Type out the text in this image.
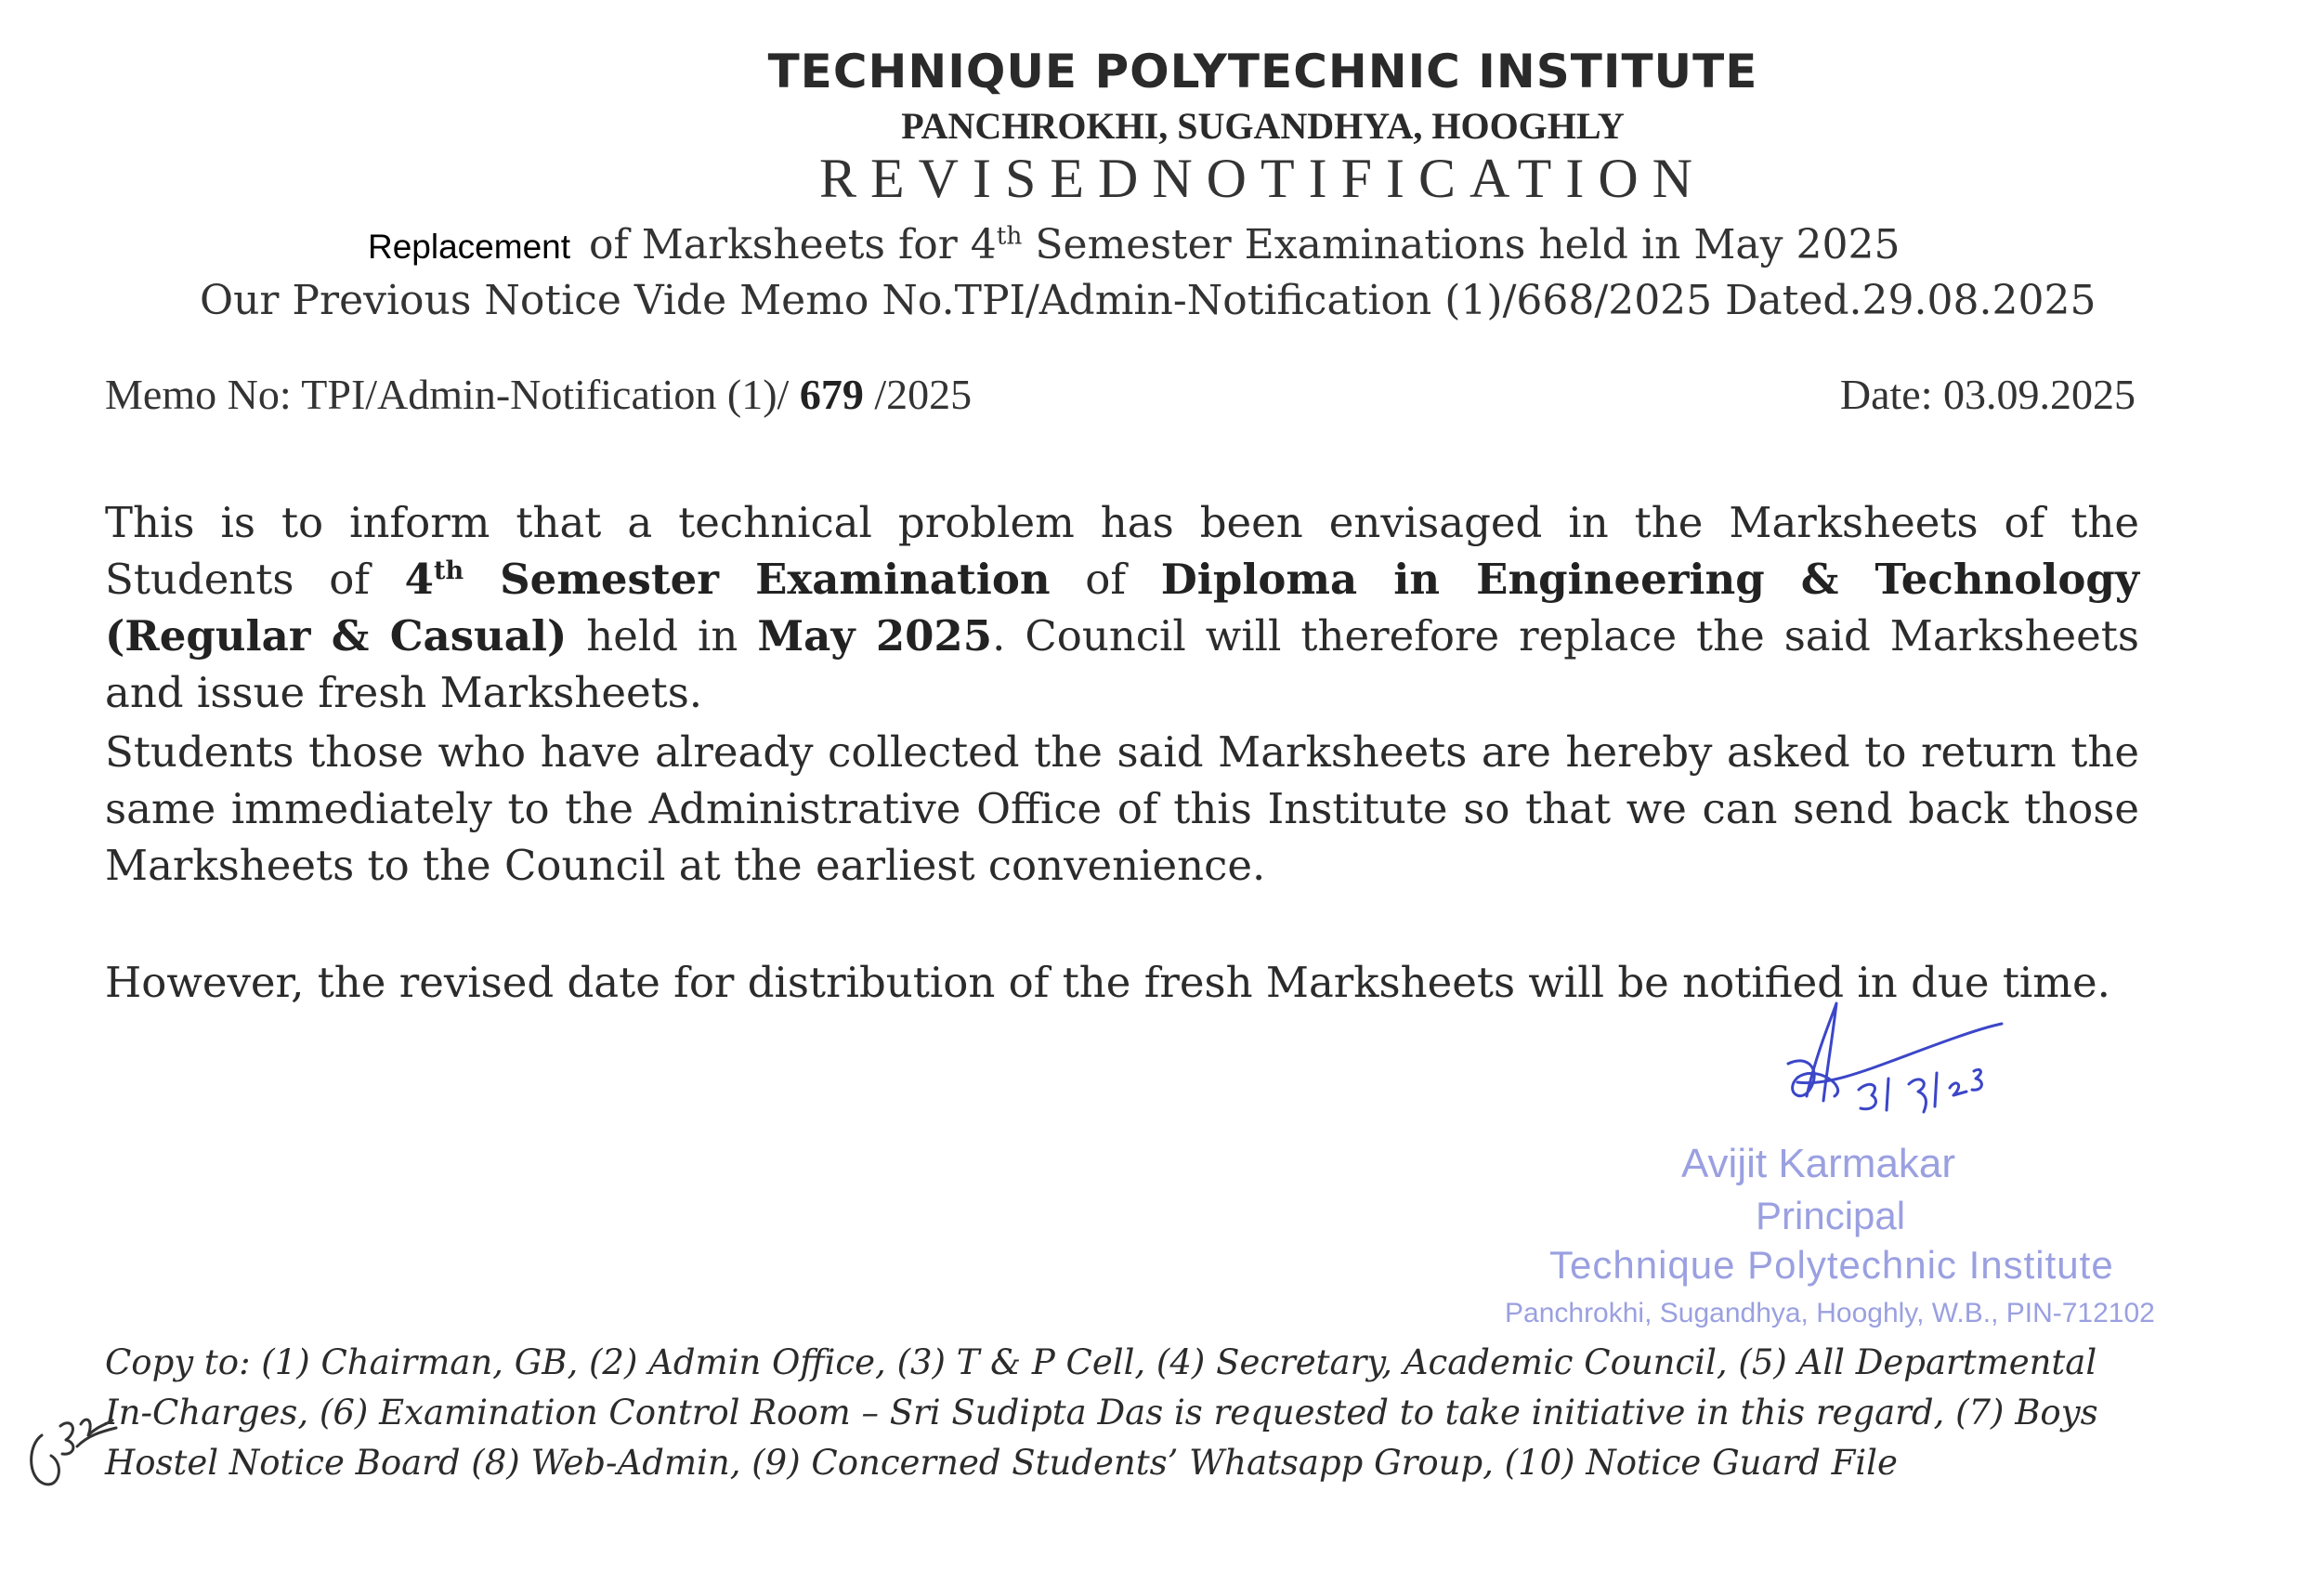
TECHNIQUE POLYTECHNIC INSTITUTE
PANCHROKHI, SUGANDHYA, HOOGHLY
REVISEDNOTIFICATION
Replacement of Marksheets for 4th Semester Examinations held in May 2025
Our Previous Notice Vide Memo No.TPI/Admin-Notification (1)/668/2025 Dated.29.08.2025
Memo No: TPI/Admin-Notification (1)/ 679 /2025	Date: 03.09.2025
This is to inform that a technical problem has been envisaged in the Marksheets of the Students of 4th Semester Examination of Diploma in Engineering & Technology (Regular & Casual) held in May 2025. Council will therefore replace the said Marksheets and issue fresh Marksheets.
Students those who have already collected the said Marksheets are hereby asked to return the same immediately to the Administrative Office of this Institute so that we can send back those Marksheets to the Council at the earliest convenience.
However, the revised date for distribution of the fresh Marksheets will be notified in due time.
Avijit Karmakar
Principal
Technique Polytechnic Institute
Panchrokhi, Sugandhya, Hooghly, W.B., PIN-712102
Copy to: (1) Chairman, GB, (2) Admin Office, (3) T & P Cell, (4) Secretary, Academic Council, (5) All Departmental In-Charges, (6) Examination Control Room – Sri Sudipta Das is requested to take initiative in this regard, (7) Boys Hostel Notice Board (8) Web-Admin, (9) Concerned Students’ Whatsapp Group, (10) Notice Guard File
